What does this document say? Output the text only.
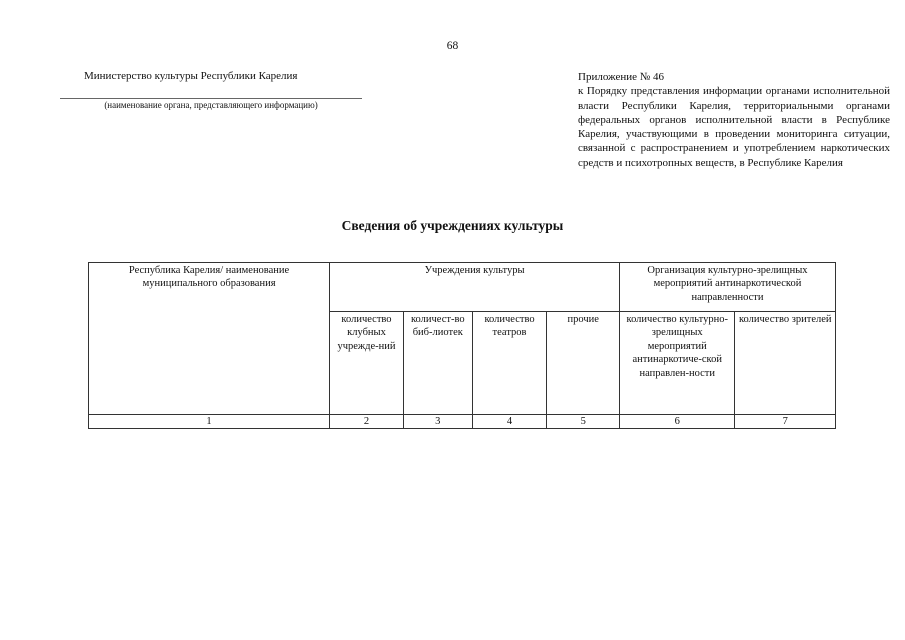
68
Министерство культуры Республики Карелия
(наименование органа, представляющего информацию)
Приложение № 46
к Порядку представления информации органами исполнительной власти Республики Карелия, территориальными органами федеральных органов исполнительной власти в Республике Карелия, участвующими в проведении мониторинга ситуации, связанной с распространением и употреблением наркотических средств и психотропных веществ, в Республике Карелия
Сведения об учреждениях культуры
Республика Карелия/ наименование муниципального образования	Учреждения культуры				Организация культурно-зрелищных мероприятий антинаркотической направленности	
	количество клубных учрежде-ний	количест-во биб-лиотек	количество театров	прочие	количество культурно-зрелищных мероприятий антинаркотиче-ской направлен-ности	количество зрителей
1	2	3	4	5	6	7
